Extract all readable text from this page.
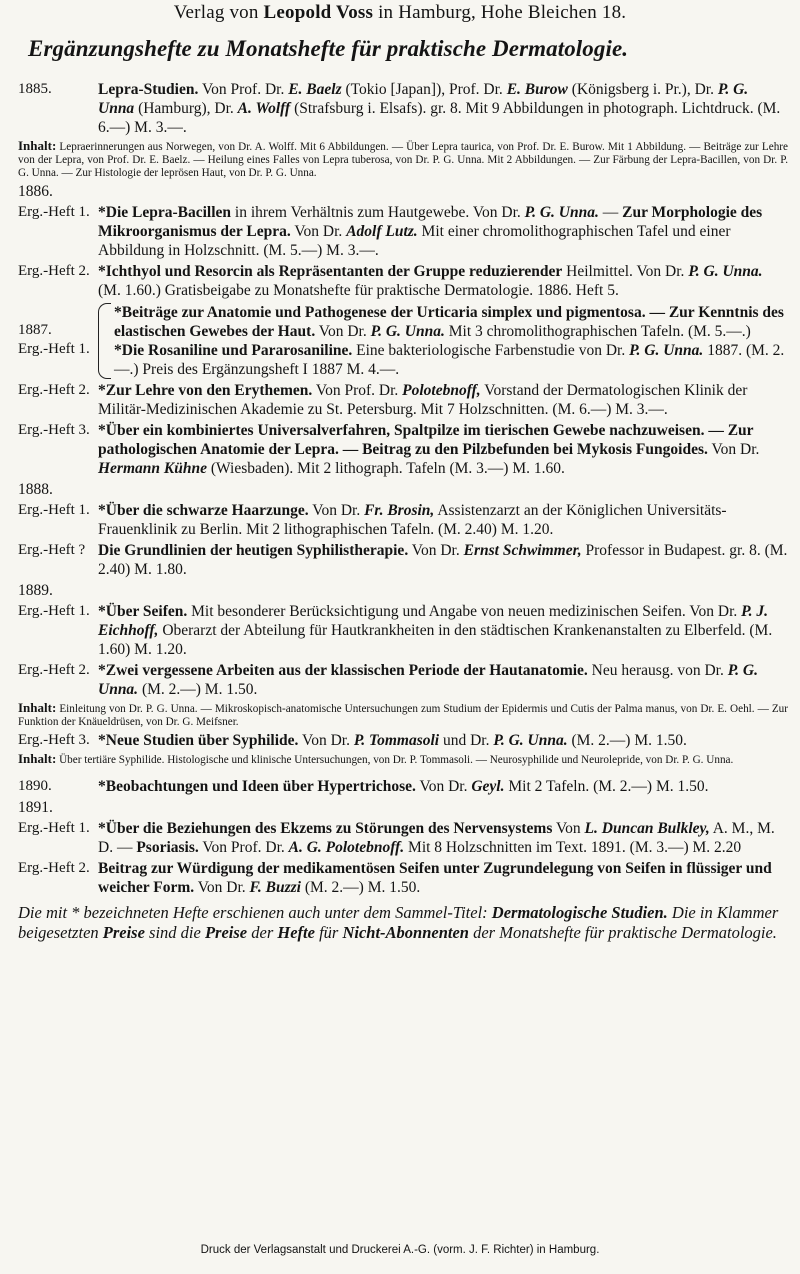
Verlag von Leopold Voss in Hamburg, Hohe Bleichen 18.
Ergänzungshefte zu Monatshefte für praktische Dermatologie.
1885.	Lepra-Studien. Von Prof. Dr. E. Baelz (Tokio [Japan]), Prof. Dr. E. Burow (Königsberg i. Pr.), Dr. P. G. Unna (Hamburg), Dr. A. Wolff (Strafsburg i. Elsafs). gr. 8. Mit 9 Abbildungen in photograph. Lichtdruck. (M. 6.—) M. 3.—.
Inhalt: Lepraerinnerungen aus Norwegen, von Dr. A. Wolff. Mit 6 Abbildungen. — Über Lepra taurica, von Prof. Dr. E. Burow. Mit 1 Abbildung. — Beiträge zur Lehre von der Lepra, von Prof. Dr. E. Baelz. — Heilung eines Falles von Lepra tuberosa, von Dr. P. G. Unna. Mit 2 Abbildungen. — Zur Färbung der Lepra-Bacillen, von Dr. P. G. Unna. — Zur Histologie der leprösen Haut, von Dr. P. G. Unna.
1886.
Erg.-Heft 1. *Die Lepra-Bacillen in ihrem Verhältnis zum Hautgewebe. Von Dr. P. G. Unna. — Zur Morphologie des Mikroorganismus der Lepra. Von Dr. Adolf Lutz. Mit einer chromolithographischen Tafel und einer Abbildung in Holzschnitt. (M. 5.—) M. 3.—.
Erg.-Heft 2. *Ichthyol und Resorcin als Repräsentanten der Gruppe reduzierender Heilmittel. Von Dr. P. G. Unna. (M. 1.60.) Gratisbeigabe zu Monatshefte für praktische Dermatologie. 1886. Heft 5.
1887.
Erg.-Heft 1.
*Beiträge zur Anatomie und Pathogenese der Urticaria simplex und pigmentosa. — Zur Kenntnis des elastischen Gewebes der Haut. Von Dr. P. G. Unna. Mit 3 chromolithographischen Tafeln. (M. 5.—.)
*Die Rosaniline und Pararosaniline. Eine bakteriologische Farbenstudie von Dr. P. G. Unna. 1887. (M. 2.—.) Preis des Ergänzungsheft I 1887 M. 4.—.
Erg.-Heft 2. *Zur Lehre von den Erythemen. Von Prof. Dr. Polotebnoff, Vorstand der Dermatologischen Klinik der Militär-Medizinischen Akademie zu St. Petersburg. Mit 7 Holzschnitten. (M. 6.—) M. 3.—.
Erg.-Heft 3. *Über ein kombiniertes Universalverfahren, Spaltpilze im tierischen Gewebe nachzuweisen. — Zur pathologischen Anatomie der Lepra. — Beitrag zu den Pilzbefunden bei Mykosis Fungoides. Von Dr. Hermann Kühne (Wiesbaden). Mit 2 lithograph. Tafeln (M. 3.—) M. 1.60.
1888.
Erg.-Heft 1. *Über die schwarze Haarzunge. Von Dr. Fr. Brosin, Assistenzarzt an der Königlichen Universitäts-Frauenklinik zu Berlin. Mit 2 lithographischen Tafeln. (M. 2.40) M. 1.20.
Erg.-Heft ? Die Grundlinien der heutigen Syphilistherapie. Von Dr. Ernst Schwimmer, Professor in Budapest. gr. 8. (M. 2.40) M. 1.80.
1889.
Erg.-Heft 1. *Über Seifen. Mit besonderer Berücksichtigung und Angabe von neuen medizinischen Seifen. Von Dr. P. J. Eichhoff, Oberarzt der Abteilung für Hautkrankheiten in den städtischen Krankenanstalten zu Elberfeld. (M. 1.60) M. 1.20.
Erg.-Heft 2. *Zwei vergessene Arbeiten aus der klassischen Periode der Hautanatomie. Neu herausg. von Dr. P. G. Unna. (M. 2.—) M. 1.50.
Inhalt: Einleitung von Dr. P. G. Unna. — Mikroskopisch-anatomische Untersuchungen zum Studium der Epidermis und Cutis der Palma manus, von Dr. E. Oehl. — Zur Funktion der Knäueldrüsen, von Dr. G. Meifsner.
Erg.-Heft 3. *Neue Studien über Syphilide. Von Dr. P. Tommasoli und Dr. P. G. Unna. (M. 2.—) M. 1.50.
Inhalt: Über tertiäre Syphilide. Histologische und klinische Untersuchungen, von Dr. P. Tommasoli. — Neurosyphilide und Neurolepride, von Dr. P. G. Unna.
1890.	*Beobachtungen und Ideen über Hypertrichose. Von Dr. Geyl. Mit 2 Tafeln. (M. 2.—) M. 1.50.
1891.
Erg.-Heft 1. *Über die Beziehungen des Ekzems zu Störungen des Nervensystems Von L. Duncan Bulkley, A. M., M. D. — Psoriasis. Von Prof. Dr. A. G. Polotebnoff. Mit 8 Holzschnitten im Text. 1891. (M. 3.—) M. 2.20
Erg.-Heft 2. Beitrag zur Würdigung der medikamentösen Seifen unter Zugrundelegung von Seifen in flüssiger und weicher Form. Von Dr. F. Buzzi (M. 2.—) M. 1.50.
Die mit * bezeichneten Hefte erschienen auch unter dem Sammel-Titel: Dermatologische Studien. Die in Klammer beigesetzten Preise sind die Preise der Hefte für Nicht-Abonnenten der Monatshefte für praktische Dermatologie.
Druck der Verlagsanstalt und Druckerei A.-G. (vorm. J. F. Richter) in Hamburg.
